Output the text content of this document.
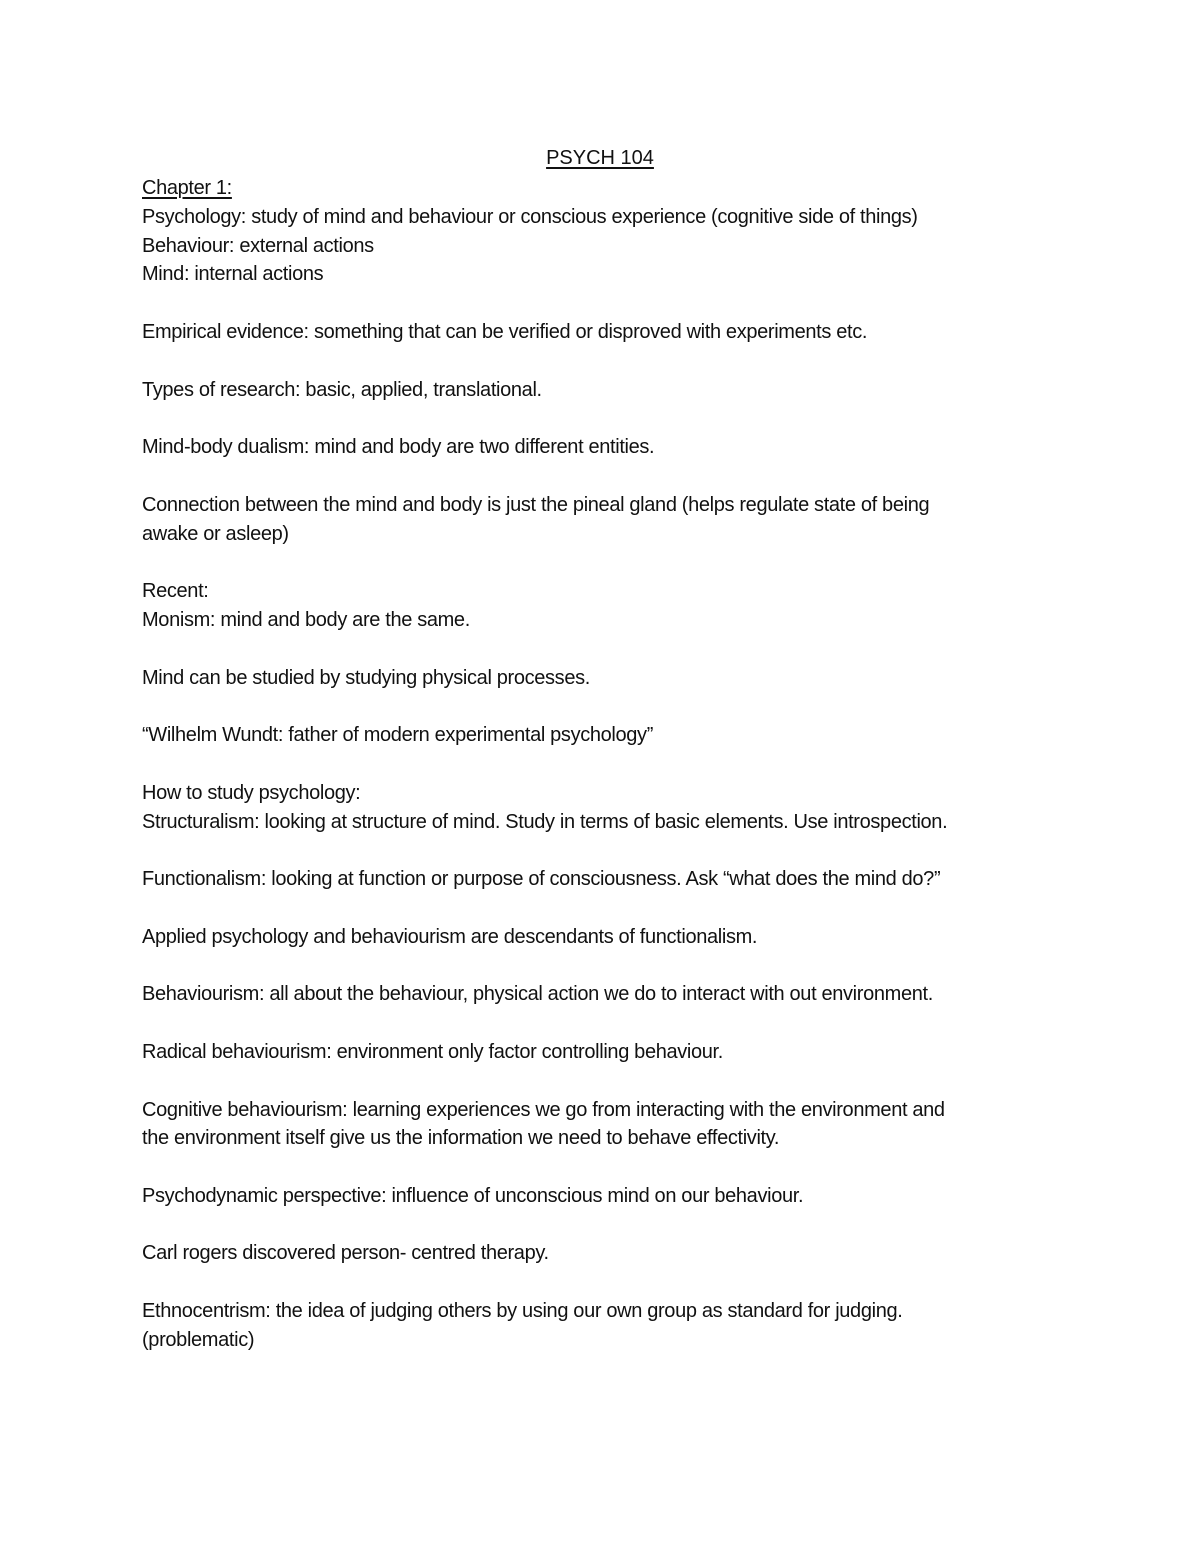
PSYCH 104

Chapter 1:

Psychology: study of mind and behaviour or conscious experience (cognitive side of things)

Behaviour: external actions

Mind: internal actions

Empirical evidence: something that can be verified or disproved with experiments etc.

Types of research: basic, applied, translational.

Mind-body dualism: mind and body are two different entities.

Connection between the mind and body is just the pineal gland (helps regulate state of being

awake or asleep)

Recent:

Monism: mind and body are the same.

Mind can be studied by studying physical processes.

“Wilhelm Wundt: father of modern experimental psychology”

How to study psychology:

Structuralism: looking at structure of mind. Study in terms of basic elements. Use introspection.

Functionalism: looking at function or purpose of consciousness. Ask “what does the mind do?”

Applied psychology and behaviourism are descendants of functionalism.

Behaviourism: all about the behaviour, physical action we do to interact with out environment.

Radical behaviourism: environment only factor controlling behaviour.

Cognitive behaviourism: learning experiences we go from interacting with the environment and

the environment itself give us the information we need to behave effectivity.

Psychodynamic perspective: influence of unconscious mind on our behaviour.

Carl rogers discovered person- centred therapy.

Ethnocentrism: the idea of judging others by using our own group as standard for judging.

(problematic)
